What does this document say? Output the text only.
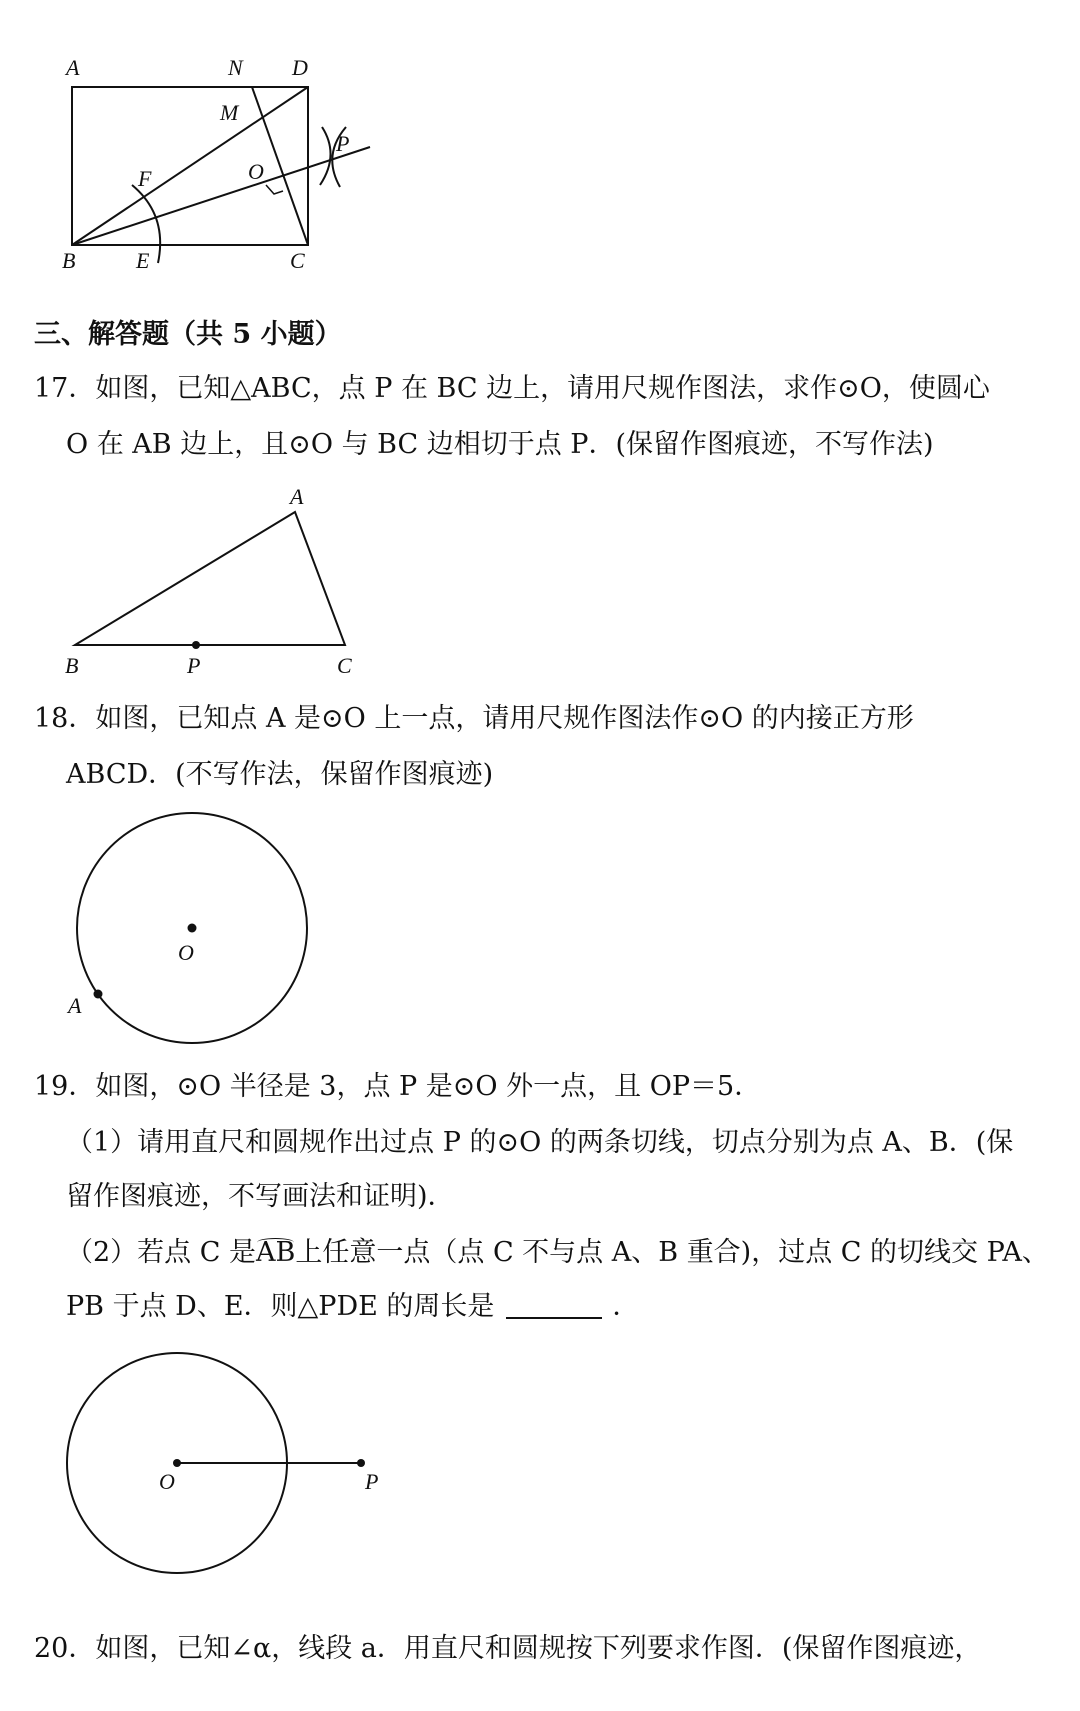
A	N D
M
P
O
F
B	E	C
三、解答题（共 5 小题）
17．如图，已知△ABC，点 P 在 BC 边上，请用尺规作图法，求作⊙O，使圆心
O 在 AB 边上，且⊙O 与 BC 边相切于点 P．(保留作图痕迹，不写作法)
A
B	P	C
18．如图，已知点 A 是⊙O 上一点，请用尺规作图法作⊙O 的内接正方形
ABCD．(不写作法，保留作图痕迹)
O
A
19．如图，⊙O 半径是 3，点 P 是⊙O 外一点，且 OP＝5．
（1）请用直尺和圆规作出过点 P 的⊙O 的两条切线，切点分别为点 A、B．(保
留作图痕迹，不写画法和证明)．
（2）若点 C 是AB上任意一点（点 C 不与点 A、B 重合)，过点 C 的切线交 PA、
PB 于点 D、E．则△PDE 的周长是	．
O	P
20．如图，已知∠α，线段 a．用直尺和圆规按下列要求作图．(保留作图痕迹，
